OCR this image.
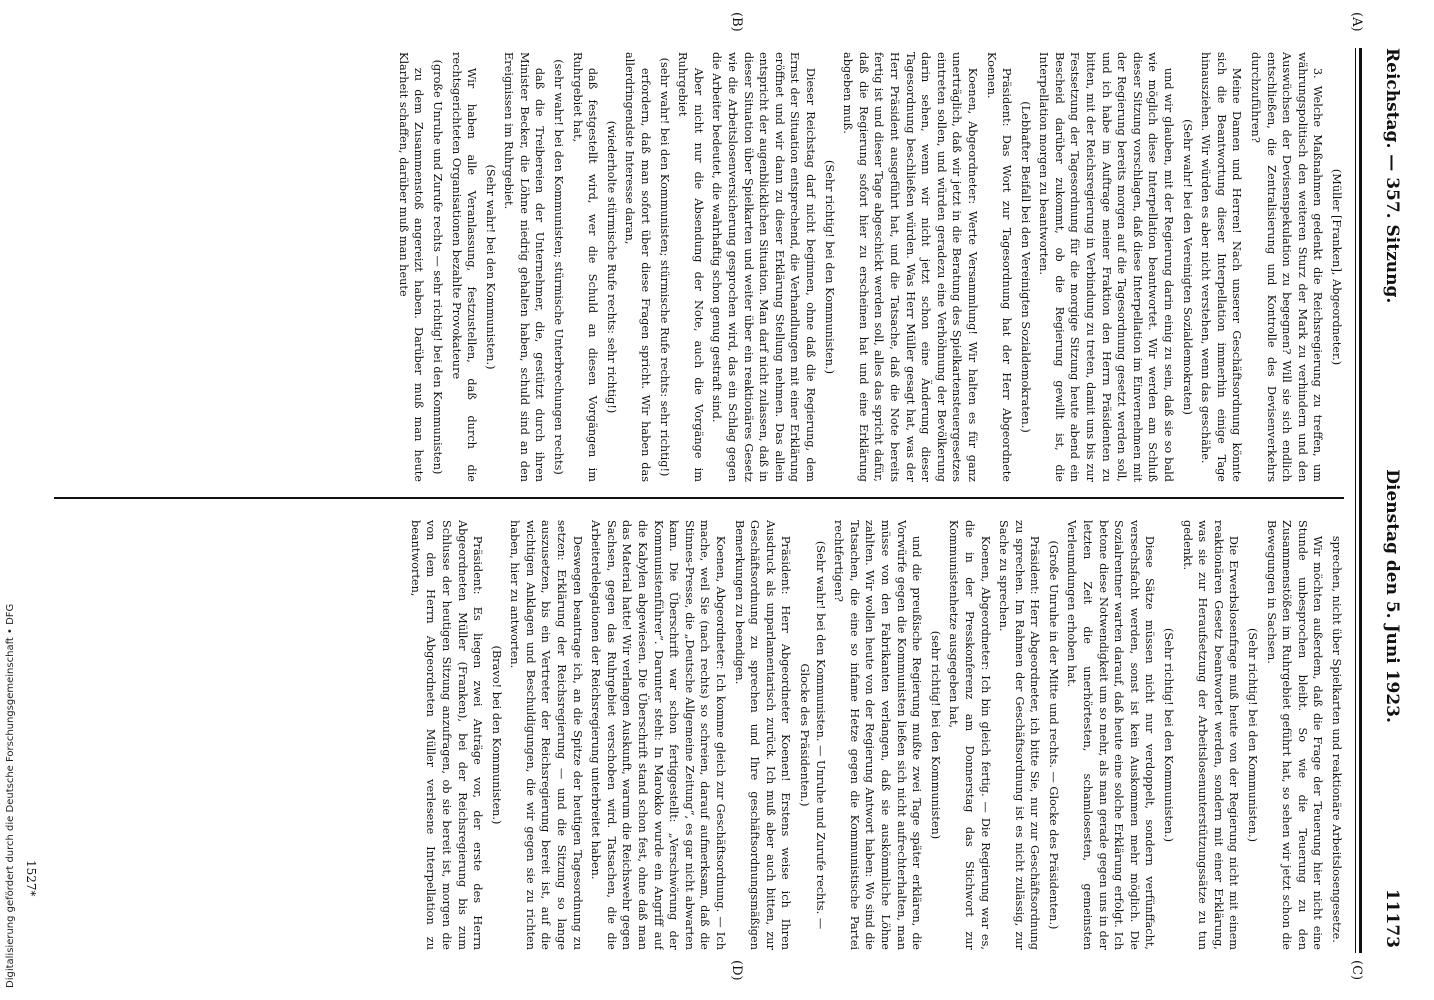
Reichstag. — 357. Sitzung.
Dienstag den 5. Juni 1923.
11173
(A)
(B)
(C)
(D)

(Müller [Franken], Abgeordneter.)

3. Welche Maßnahmen gedenkt die Reichsregierung zu treffen, um währungspolitisch den weiteren Sturz der Mark zu verhindern und den Auswüchsen der Devisenspekulation zu begegnen? Will sie sich endlich entschließen, die Zentralisierung und Kontrolle des Devisenverkehrs durchzuführen?

Meine Damen und Herren! Nach unserer Geschäftsordnung könnte sich die Beantwortung dieser Interpellation immerhin einige Tage hinausziehen. Wir würden es aber nicht verstehen, wenn das geschähe.

(Sehr wahr! bei den Vereinigten Sozialdemokraten)

und wir glauben, mit der Regierung darin einig zu sein, daß sie so bald wie möglich diese Interpellation beantwortet. Wir werden am Schluß dieser Sitzung vorschlagen, daß diese Interpellation im Einvernehmen mit der Regierung bereits morgen auf die Tagesordnung gesetzt werden soll, und ich habe im Auftrage meiner Fraktion den Herrn Präsidenten zu bitten, mit der Reichsregierung in Verbindung zu treten, damit uns bis zur Festsetzung der Tagesordnung für die morgige Sitzung heute abend ein Bescheid darüber zukommt, ob die Regierung gewillt ist, die Interpellation morgen zu beantworten.

(Lebhafter Beifall bei den Vereinigten Sozialdemokraten.)

Präsident: Das Wort zur Tagesordnung hat der Herr Abgeordnete Koenen.

Koenen, Abgeordneter: Werte Versammlung! Wir halten es für ganz unerträglich, daß wir jetzt in die Beratung des Spielkartensteuergesetzes eintreten sollen, und würden geradezu eine Verhöhnung der Bevölkerung darin sehen, wenn wir nicht jetzt schon eine Änderung dieser Tagesordnung beschließen würden. Was Herr Müller gesagt hat, was der Herr Präsident ausgeführt hat, und die Tatsache, daß die Note bereits fertig ist und dieser Tage abgeschickt werden soll, alles das spricht dafür, daß die Regierung sofort hier zu erscheinen hat und eine Erklärung abgeben muß.

(Sehr richtig! bei den Kommunisten.)

Dieser Reichstag darf nicht beginnen, ohne daß die Regierung, dem Ernst der Situation entsprechend, die Verhandlungen mit einer Erklärung eröffnet und wir dann zu dieser Erklärung Stellung nehmen. Das allein entspricht der augenblicklichen Situation. Man darf nicht zulassen, daß in dieser Situation über Spielkarten und weiter über ein reaktionäres Gesetz wie die Arbeitslosenversicherung gesprochen wird, das ein Schlag gegen die Arbeiter bedeutet, die wahrhaftig schon genug gestraft sind.

Aber nicht nur die Absendung der Note, auch die Vorgänge im Ruhrgebiet

(sehr wahr! bei den Kommunisten; stürmische Rufe rechts: sehr richtig!)

erfordern, daß man sofort über diese Fragen spricht. Wir haben das allerdringendste Interesse daran,

(wiederholte stürmische Rufe rechts: sehr richtig!)

daß festgestellt wird, wer die Schuld an diesen Vorgängen im Ruhrgebiet hat,

(sehr wahr! bei den Kommunisten; stürmische Unterbrechungen rechts)

daß die Treibereien der Unternehmer, die, gestützt durch ihren Minister Becker, die Löhne niedrig gehalten haben, schuld sind an den Ereignissen im Ruhrgebiet.

(Sehr wahr! bei den Kommunisten.)

Wir haben alle Veranlassung, festzustellen, daß durch die rechtsgerichteten Organisationen bezahlte Provokateure

(große Unruhe und Zurufe rechts — sehr richtig! bei den Kommunisten)

zu dem Zusammenstoß angereizt haben. Darüber muß man heute Klarheit schaffen, darüber muß man heute

sprechen, nicht über Spielkarten und reaktionäre Arbeitslosengesetze.

Wir möchten außerdem, daß die Frage der Teuerung hier nicht eine Stunde unbesprochen bleibt. So wie die Teuerung zu den Zusammenstößen im Ruhrgebiet geführt hat, so sehen wir jetzt schon die Bewegungen in Sachsen.

(Sehr richtig! bei den Kommunisten.)

Die Erwerbslosenfrage muß heute von der Regierung nicht mit einem reaktionären Gesetz beantwortet werden, sondern mit einer Erklärung, was sie zur Heraufsetzung der Arbeitslosenunterstützungssätze zu tun gedenkt.

(Sehr richtig! bei den Kommunisten.)

Diese Sätze müssen nicht nur verdoppelt, sondern verfünffacht, versechsfacht werden, sonst ist kein Auskommen mehr möglich. Die Sozialrentner warten darauf, daß heute eine solche Erklärung erfolgt. Ich betone diese Notwendigkeit um so mehr, als man gerade gegen uns in der letzten Zeit die unerhörtesten, schamlosesten, gemeinsten Verleumdungen erhoben hat.

(Große Unruhe in der Mitte und rechts. — Glocke des Präsidenten.)

Präsident: Herr Abgeordneter, ich bitte Sie, nur zur Geschäftsordnung zu sprechen. Im Rahmen der Geschäftsordnung ist es nicht zulässig, zur Sache zu sprechen.

Koenen, Abgeordneter: Ich bin gleich fertig. — Die Regierung war es, die in der Presskonferenz am Donnerstag das Stichwort zur Kommunistenhetze ausgegeben hat,

(sehr richtig! bei den Kommunisten)

und die preußische Regierung mußte zwei Tage später erklären, die Vorwürfe gegen die Kommunisten ließen sich nicht aufrechterhalten, man müsse von den Fabrikanten verlangen, daß sie auskömmliche Löhne zahlten. Wir wollen heute von der Regierung Antwort haben: Wo sind die Tatsachen, die eine so infame Hetze gegen die Kommunistische Partei rechtfertigen?

(Sehr wahr! bei den Kommunisten. — Unruhe und Zurufe rechts. — Glocke des Präsidenten.)

Präsident: Herr Abgeordneter Koenen! Erstens weise ich Ihren Ausdruck als unparlamentarisch zurück. Ich muß aber auch bitten, zur Geschäftsordnung zu sprechen und Ihre geschäftsordnungsmäßigen Bemerkungen zu beendigen.

Koenen, Abgeordneter: Ich komme gleich zur Geschäftsordnung. — Ich mache, weil Sie (nach rechts) so schreien, darauf aufmerksam, daß die Stinnes-Presse, die „Deutsche Allgemeine Zeitung“, es gar nicht abwarten kann. Die Überschrift war schon fertiggestellt: „Verschwörung der Kommunistenführer“. Darunter steht: In Marokko wurde ein Angriff auf die Kabylen abgewiesen. Die Überschrift stand schon fest, ohne daß man das Material hatte! Wir verlangen Auskunft, warum die Reichswehr gegen Sachsen, gegen das Ruhrgebiet verschoben wird. Tatsachen, die die Arbeiterdelegationen der Reichsregierung unterbreitet haben.

Deswegen beantrage ich, an die Spitze der heutigen Tagesordnung zu setzen: Erklärung der Reichsregierung — und die Sitzung so lange auszusetzen, bis ein Vertreter der Reichsregierung bereit ist, auf die wichtigen Anklagen und Beschuldigungen, die wir gegen sie zu richten haben, hier zu antworten.

(Bravo! bei den Kommunisten.)

Präsident: Es liegen zwei Anträge vor, der erste des Herrn Abgeordneten Müller (Franken), bei der Reichsregierung bis zum Schlusse der heutigen Sitzung anzufragen, ob sie bereit ist, morgen die von dem Herrn Abgeordneten Müller verlesene Interpellation zu beantworten,

1527*
Digitalisierung gefördert durch die Deutsche Forschungsgemeinschaft • DFG
